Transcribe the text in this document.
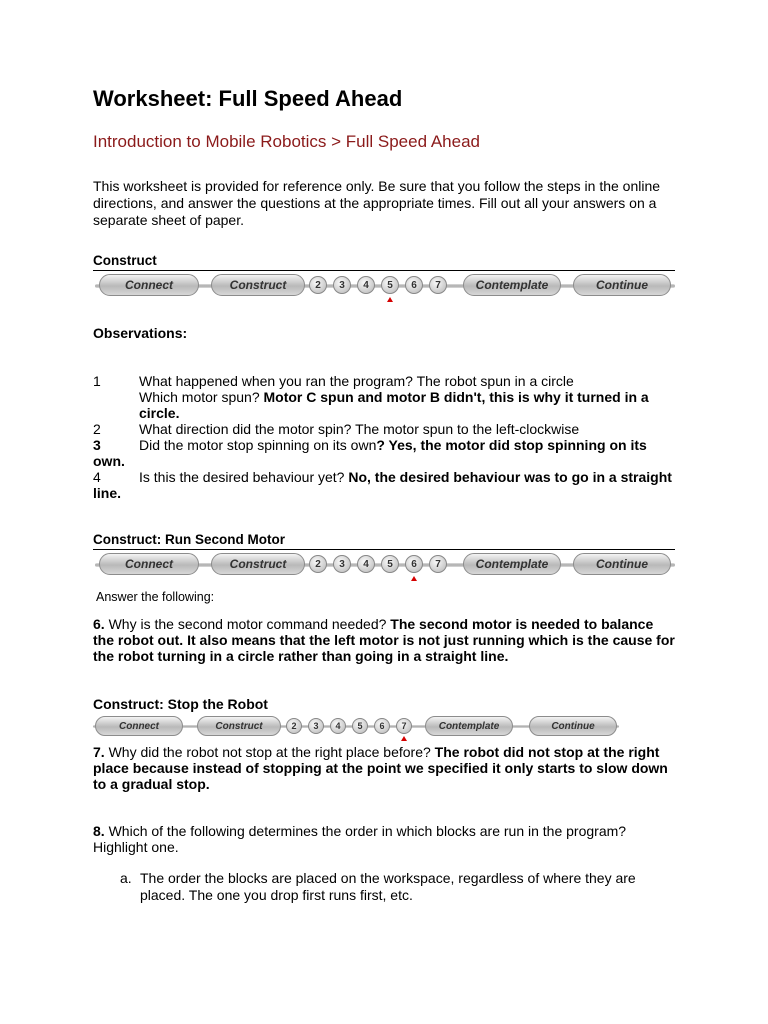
Worksheet: Full Speed Ahead
Introduction to Mobile Robotics > Full Speed Ahead
This worksheet is provided for reference only. Be sure that you follow the steps in the online directions, and answer the questions at the appropriate times. Fill out all your answers on a separate sheet of paper.
Construct
Connect	Construct	2	3	4	5	6	7	Contemplate	Continue
Observations:
1	What happened when you ran the program? The robot spun in a circle
Which motor spun? Motor C spun and motor B didn't, this is why it turned in a circle.
2	What direction did the motor spin? The motor spun to the left-clockwise
3	Did the motor stop spinning on its own? Yes, the motor did stop spinning on its own.
4	Is this the desired behaviour yet? No, the desired behaviour was to go in a straight line.
Construct: Run Second Motor
Connect	Construct	2	3	4	5	6	7	Contemplate	Continue
Answer the following:
6. Why is the second motor command needed? The second motor is needed to balance the robot out. It also means that the left motor is not just running which is the cause for the robot turning in a circle rather than going in a straight line.
Construct: Stop the Robot
Connect	Construct	2	3	4	5	6	7	Contemplate	Continue
7. Why did the robot not stop at the right place before? The robot did not stop at the right place because instead of stopping at the point we specified it only starts to slow down to a gradual stop.
8. Which of the following determines the order in which blocks are run in the program? Highlight one.
a. The order the blocks are placed on the workspace, regardless of where they are placed. The one you drop first runs first, etc.
